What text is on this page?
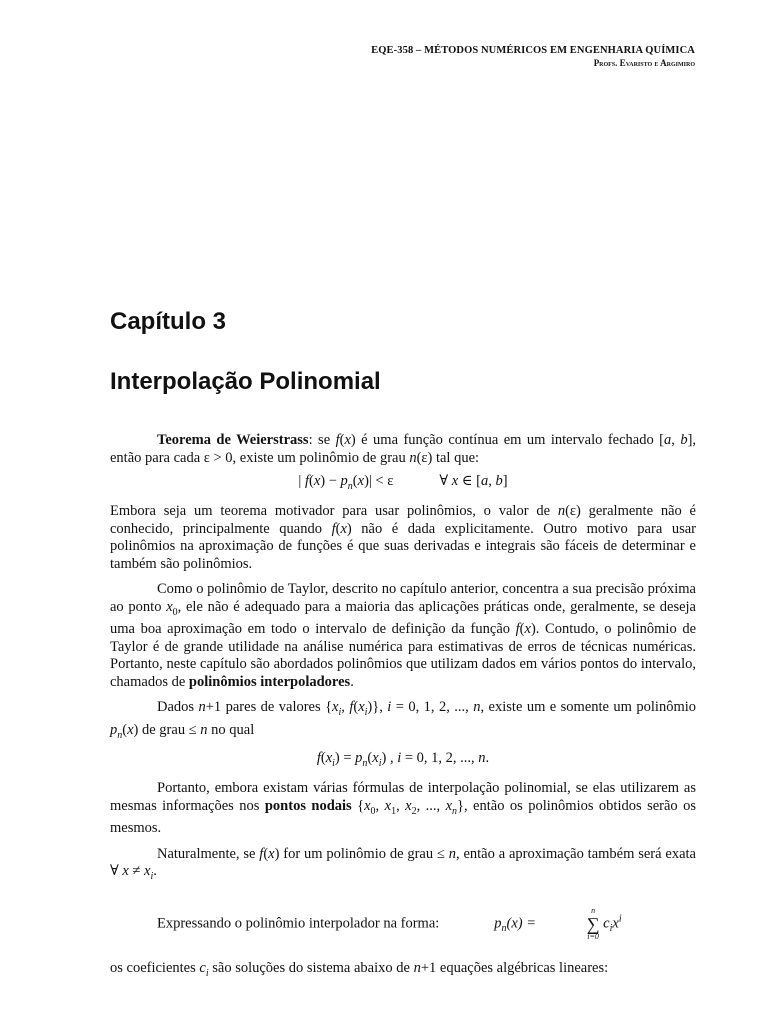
EQE-358 – MÉTODOS NUMÉRICOS EM ENGENHARIA QUÍMICA
Profs. Evaristo e Argimiro
Capítulo 3
Interpolação Polinomial

Teorema de Weierstrass: se f(x) é uma função contínua em um intervalo fechado [a, b], então para cada ε > 0, existe um polinômio de grau n(ε) tal que:

| $f(x) - p_n(x)| < \varepsilon$	∀ x ∈ [a, b]

Embora seja um teorema motivador para usar polinômios, o valor de n(ε) geralmente não é conhecido, principalmente quando f(x) não é dada explicitamente. Outro motivo para usar polinômios na aproximação de funções é que suas derivadas e integrais são fáceis de determinar e também são polinômios.

Como o polinômio de Taylor, descrito no capítulo anterior, concentra a sua precisão próxima ao ponto $x_0$, ele não é adequado para a maioria das aplicações práticas onde, geralmente, se deseja uma boa aproximação em todo o intervalo de definição da função f(x). Contudo, o polinômio de Taylor é de grande utilidade na análise numérica para estimativas de erros de técnicas numéricas. Portanto, neste capítulo são abordados polinômios que utilizam dados em vários pontos do intervalo, chamados de polinômios interpoladores.

Dados n+1 pares de valores {$x_i$, $f(x_i)$}, i = 0, 1, 2, ..., n, existe um e somente um polinômio $p_n(x)$ de grau ≤ n no qual

$f(x_i) = p_n(x_i)$ , i = 0, 1, 2, ..., n.

Portanto, embora existam várias fórmulas de interpolação polinomial, se elas utilizarem as mesmas informações nos pontos nodais {$x_0$, $x_1$, $x_2$, ..., $x_n$}, então os polinômios obtidos serão os mesmos.

Naturalmente, se f(x) for um polinômio de grau ≤ n, então a aproximação também será exata ∀ $x \ne x_i$.

Expressando o polinômio interpolador na forma:	$p_n(x)$ =
n
∑
i=0
$c_ix^i$

os coeficientes $c_i$ são soluções do sistema abaixo de n+1 equações algébricas lineares:
